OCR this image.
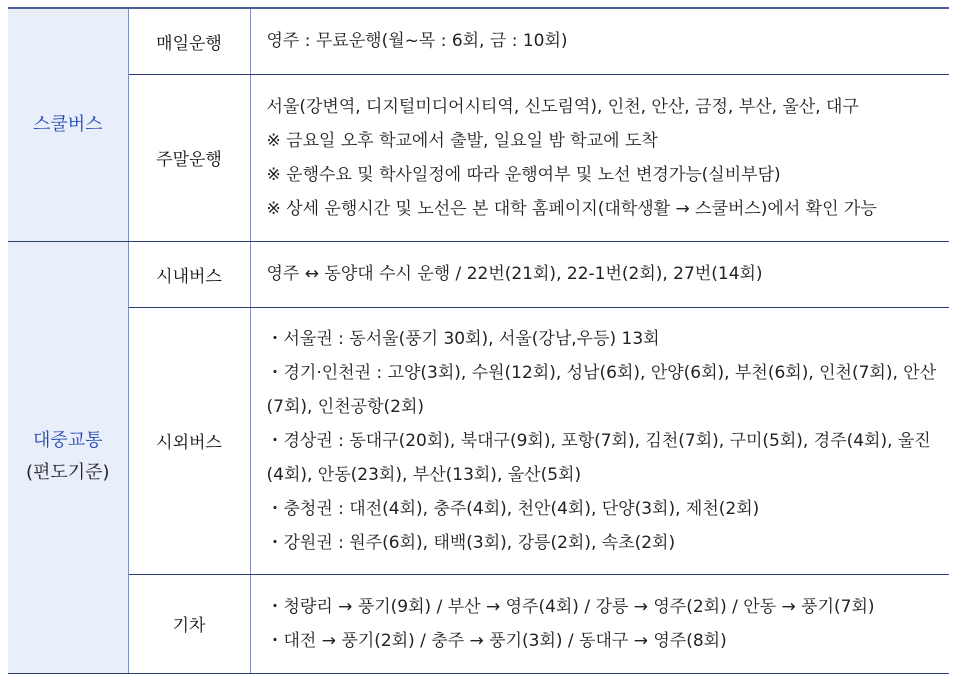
스쿨버스	매일운행	영주 : 무료운행(월~목 : 6회, 금 : 10회)

	주말운행	서울(강변역, 디지털미디어시티역, 신도림역), 인천, 안산, 금정, 부산, 울산, 대구
※ 금요일 오후 학교에서 출발, 일요일 밤 학교에 도착
※ 운행수요 및 학사일정에 따라 운행여부 및 노선 변경가능(실비부담)
※ 상세 운행시간 및 노선은 본 대학 홈페이지(대학생활 → 스쿨버스)에서 확인 가능

대중교통
(편도기준)	시내버스	영주 ↔ 동양대 수시 운행 / 22번(21회), 22-1번(2회), 27번(14회)

	시외버스	・서울권 : 동서울(풍기 30회), 서울(강남,우등) 13회
・경기·인천권 : 고양(3회), 수원(12회), 성남(6회), 안양(6회), 부천(6회), 인천(7회), 안산(7회), 인천공항(2회)
・경상권 : 동대구(20회), 북대구(9회), 포항(7회), 김천(7회), 구미(5회), 경주(4회), 울진(4회), 안동(23회), 부산(13회), 울산(5회)
・충청권 : 대전(4회), 충주(4회), 천안(4회), 단양(3회), 제천(2회)
・강원권 : 원주(6회), 태백(3회), 강릉(2회), 속초(2회)

	기차	・청량리 → 풍기(9회) / 부산 → 영주(4회) / 강릉 → 영주(2회) / 안동 → 풍기(7회)
・대전 → 풍기(2회) / 충주 → 풍기(3회) / 동대구 → 영주(8회)
